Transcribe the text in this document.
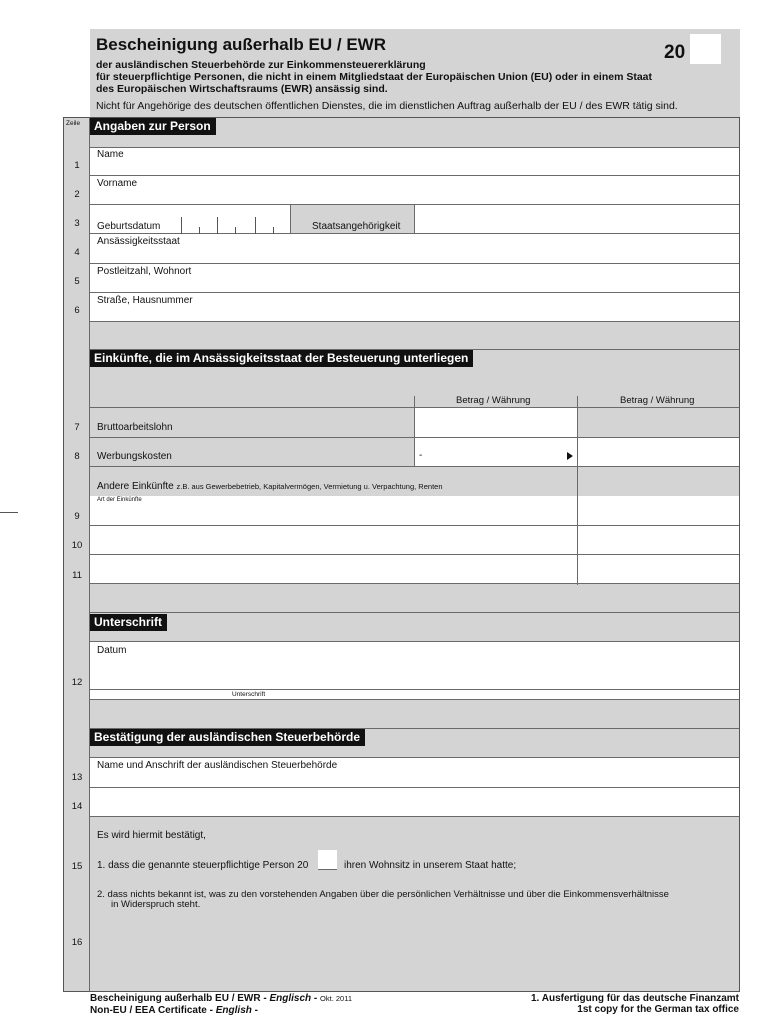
Bescheinigung außerhalb EU / EWR	20
der ausländischen Steuerbehörde zur Einkommensteuererklärung
für steuerpflichtige Personen, die nicht in einem Mitgliedstaat der Europäischen Union (EU) oder in einem Staat
des Europäischen Wirtschaftsraums (EWR) ansässig sind.
Nicht für Angehörige des deutschen öffentlichen Dienstes, die im dienstlichen Auftrag außerhalb der EU / des EWR tätig sind.
Zeile	Angaben zur Person
Name
1
Vorname
2
Geburtsdatum	Staatsangehörigkeit
3
Ansässigkeitsstaat
4
Postleitzahl, Wohnort
5
Straße, Hausnummer
6
Einkünfte, die im Ansässigkeitsstaat der Besteuerung unterliegen
Betrag / Währung	Betrag / Währung
Bruttoarbeitslohn
7
Werbungskosten	-
8
Andere Einkünfte z.B. aus Gewerbebetrieb, Kapitalvermögen, Vermietung u. Verpachtung, Renten
Art der Einkünfte
9
10
11
Unterschrift
Datum
Unterschrift
12
Bestätigung der ausländischen Steuerbehörde
Name und Anschrift der ausländischen Steuerbehörde
13
14
Es wird hiermit bestätigt,
1. dass die genannte steuerpflichtige Person 20	ihren Wohnsitz in unserem Staat hatte;
15
2. dass nichts bekannt ist, was zu den vorstehenden Angaben über die persönlichen Verhältnisse und über die Einkommensverhältnisse
in Widerspruch steht.
16
Bescheinigung außerhalb EU / EWR - Englisch - Okt. 2011
Non-EU / EEA Certificate - English -
1. Ausfertigung für das deutsche Finanzamt
1st copy for the German tax office
